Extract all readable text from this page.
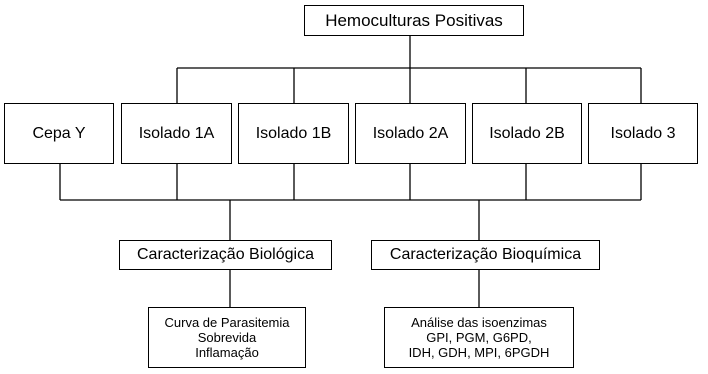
Hemoculturas Positivas
Cepa Y	Isolado 1A	Isolado 1B	Isolado 2A	Isolado 2B	Isolado 3
Caracterização Biológica	Caracterização Bioquímica
Curva de Parasitemia
Sobrevida
Inflamação
Análise das isoenzimas
GPI, PGM, G6PD,
IDH, GDH, MPI, 6PGDH
